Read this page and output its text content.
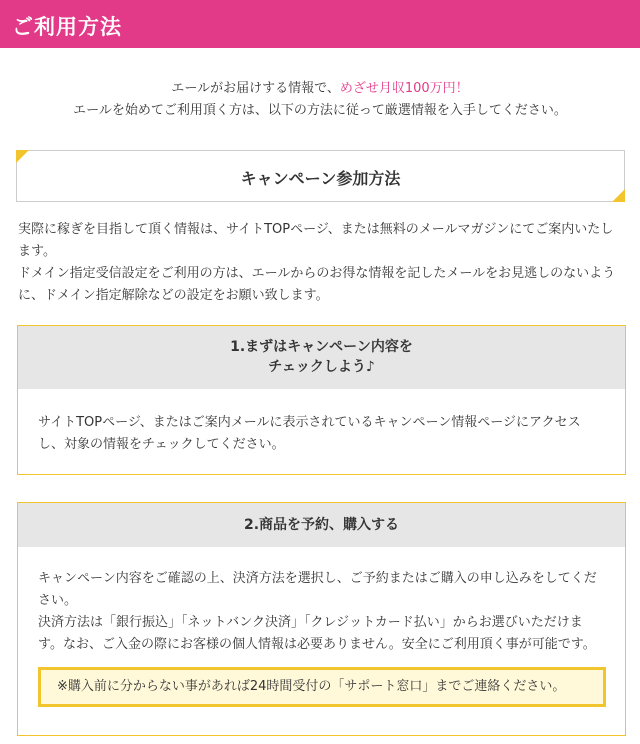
ご利用方法
エールがお届けする情報で、めざせ月収100万円！
エールを始めてご利用頂く方は、以下の方法に従って厳選情報を入手してください。
キャンペーン参加方法
実際に稼ぎを目指して頂く情報は、サイトTOPページ、または無料のメールマガジンにてご案内いたします。
ドメイン指定受信設定をご利用の方は、エールからのお得な情報を記したメールをお見逃しのないように、ドメイン指定解除などの設定をお願い致します。
1.まずはキャンペーン内容を
チェックしよう♪
サイトTOPページ、またはご案内メールに表示されているキャンペーン情報ページにアクセスし、対象の情報をチェックしてください。
2.商品を予約、購入する
キャンペーン内容をご確認の上、決済方法を選択し、ご予約またはご購入の申し込みをしてください。
決済方法は「銀行振込」「ネットバンク決済」「クレジットカード払い」からお選びいただけます。なお、ご入金の際にお客様の個人情報は必要ありません。安全にご利用頂く事が可能です。
※購入前に分からない事があれば24時間受付の「サポート窓口」までご連絡ください。
